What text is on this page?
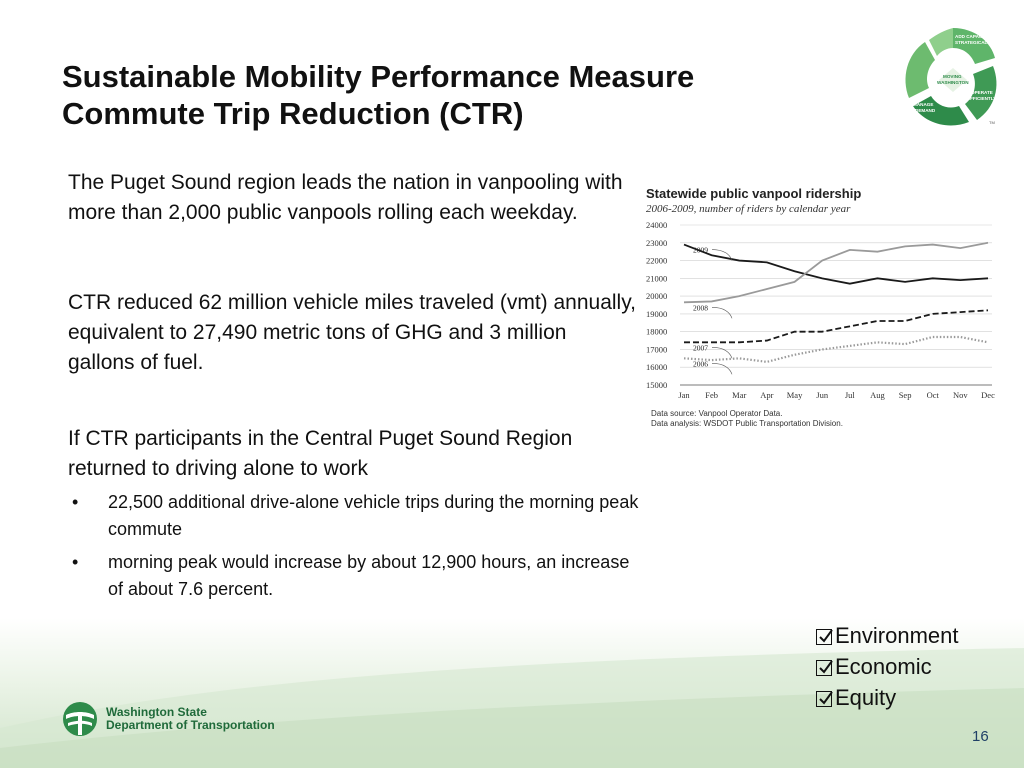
Sustainable Mobility Performance Measure
Commute Trip Reduction (CTR)
ADD CAPACITY
STRATEGICALLY
MOVING
WASHINGTON
OPERATE
EFFICIENTLY
MANAGE
DEMAND
TM
The Puget Sound region leads the nation in vanpooling with more than 2,000 public vanpools rolling each weekday.
CTR reduced 62 million vehicle miles traveled (vmt) annually, equivalent to 27,490 metric tons of GHG and 3 million gallons of fuel.
If CTR participants in the Central Puget Sound Region returned to driving alone to work
• 22,500 additional drive-alone vehicle trips during the morning peak commute
• morning peak would increase by about 12,900 hours, an increase of about 7.6 percent.
24000
23000
22000
21000
20000
19000
18000
17000
16000
15000
Jan Feb Mar Apr May Jun Jul Aug Sep Oct Nov Dec
2009
2008
2007
2006
Statewide public vanpool ridership
2006-2009, number of riders by calendar year
Data source: Vanpool Operator Data.
Data analysis: WSDOT Public Transportation Division.
Environment
Economic
Equity
Washington State
Department of Transportation
16
